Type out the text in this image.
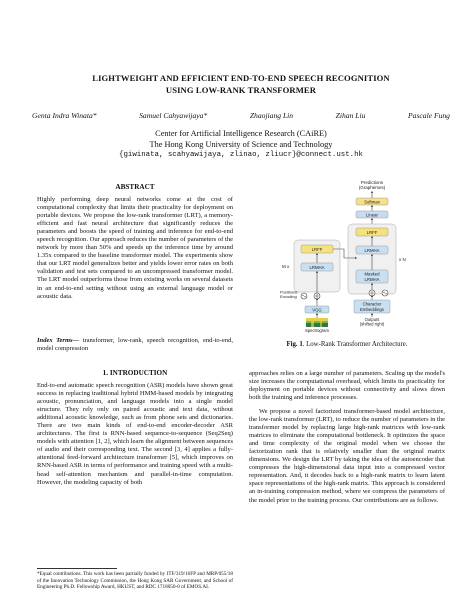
LIGHTWEIGHT AND EFFICIENT END-TO-END SPEECH RECOGNITION
USING LOW-RANK TRANSFORMER
Genta Indra Winata*	Samuel Cahyawijaya*	Zhaojiang Lin	Zihan Liu	Pascale Fung
Center for Artificial Intelligence Research (CAiRE)
The Hong Kong University of Science and Technology
{giwinata, scahyawijaya, zlinao, zliucr}@connect.ust.hk
ABSTRACT
Highly performing deep neural networks come at the cost of computational complexity that limits their practicality for deployment on portable devices. We propose the low-rank transformer (LRT), a memory-efficient and fast neural architecture that significantly reduces the parameters and boosts the speed of training and inference for end-to-end speech recognition. Our approach reduces the number of parameters of the network by more than 50% and speeds up the inference time by around 1.35x compared to the baseline transformer model. The experiments show that our LRT model generalizes better and yields lower error rates on both validation and test sets compared to an uncompressed transformer model. The LRT model outperforms those from existing works on several datasets in an end-to-end setting without using an external language model or acoustic data.
Index Terms— transformer, low-rank, speech recognition, end-to-end, model compression
1. INTRODUCTION
End-to-end automatic speech recognition (ASR) models have shown great success in replacing traditional hybrid HMM-based models by integrating acoustic, pronunciation, and language models into a single model structure. They rely only on paired acoustic and text data, without additional acoustic knowledge, such as from phone sets and dictionaries. There are two main kinds of end-to-end encoder-decoder ASR architectures. The first is RNN-based sequence-to-sequence (Seq2Seq) models with attention [1, 2], which learn the alignment between sequences of audio and their corresponding text. The second [3, 4] applies a fully-attentional feed-forward architecture transformer [5], which improves on RNN-based ASR in terms of performance and training speed with a multi-head self-attention mechanism and parallel-in-time computation. However, the modeling capacity of both
approaches relies on a large number of parameters. Scaling up the model's size increases the computational overhead, which limits its practicality for deployment on portable devices without connectivity and slows down both the training and inference processes.
We propose a novel factorized transformer-based model architecture, the low-rank transformer (LRT), to reduce the number of parameters in the transformer model by replacing large high-rank matrices with low-rank matrices to eliminate the computational bottleneck. It optimizes the space and time complexity of the original model when we choose the factorization rank that is relatively smaller than the original matrix dimensions. We design the LRT by taking the idea of the autoencoder that compresses the high-dimensional data input into a compressed vector representation. And, it decodes back to a high-rank matrix to learn latent space representations of the high-rank matrix. This approach is considered an in-training compression method, where we compress the parameters of the model prior to the training process. Our contributions are as follows.
*Equal contributions. This work has been partially funded by ITF/319/16FP and MRP/055/18 of the Innovation Technology Commission, the Hong Kong SAR Government, and School of Engineering Ph.D. Fellowship Award, HKUST, and RDC 1718050-0 of EMOS.AI.
Predictions
(Graphemes)
Softmax
Linear
LRFF
LRMHA
Masked
LRMHA
x N
LRFF
LRMHA
M x
Positional
Encoding
VGG
Character
Embeddings
Outputs
(shifted right)
Spectrogram
Fig. 1. Low-Rank Transformer Architecture.
